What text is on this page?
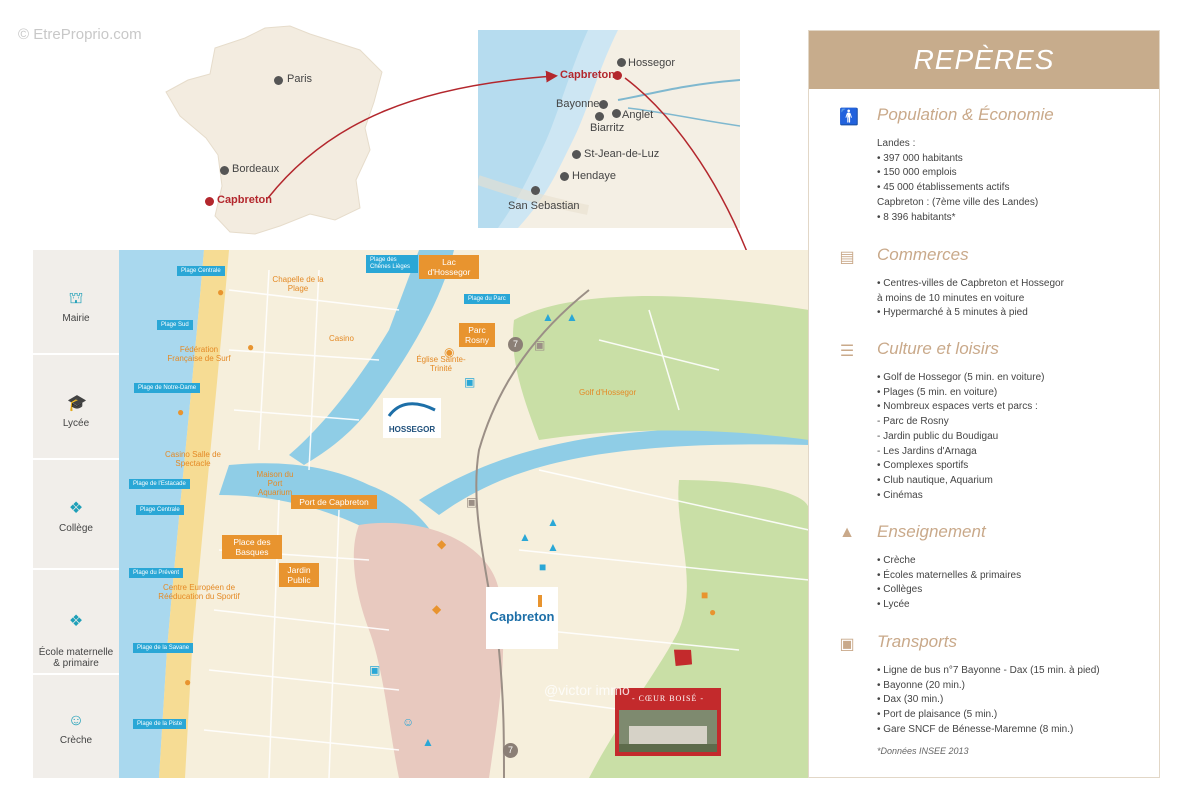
© EtreProprio.com
Paris
Bordeaux
Capbreton
Hossegor
Capbreton
Bayonne
Anglet
Biarritz
St-Jean-de-Luz
Hendaye
San Sebastian
⛫
Mairie
🎓
Lycée
❖
Collège

❖

École maternelle
& primaire

☺
Crèche
Plage Centrale
Plage Sud
Plage de Notre-Dame
Plage de l'Estacade
Plage Centrale
Plage du Prévent
Plage de la Savane
Plage de la Piste
Plage des Chênes Lièges
Plage du Parc
Lac d'Hossegor
Parc Rosny
Port de Capbreton
Place des Basques
Jardin Public
Chapelle de la Plage
Fédération Française de Surf
Casino
Église Sainte-Trinité
Golf d'Hossegor
Casino Salle de Spectacle
Maison du Port Aquarium
Centre Européen de Rééducation du Sportif
●
●
●
●
▲ ▲
▣
◉
▲
▲
▲
■
▣
☺
▲
■
●
◆
◆
▣
▣
7
7
HOSSEGOR
Capbreton
- CŒUR BOISÉ -
@victor immo
REPÈRES
🚹 Population & Économie
Landes :
• 397 000 habitants
• 150 000 emplois
• 45 000 établissements actifs
Capbreton : (7ème ville des Landes)
• 8 396 habitants*
▤ Commerces
• Centres-villes de Capbreton et Hossegor
à moins de 10 minutes en voiture
• Hypermarché à 5 minutes à pied
☰ Culture et loisirs
• Golf de Hossegor (5 min. en voiture)
• Plages (5 min. en voiture)
• Nombreux espaces verts et parcs :
- Parc de Rosny
- Jardin public du Boudigau
- Les Jardins d'Arnaga
• Complexes sportifs
• Club nautique, Aquarium
• Cinémas
▲ Enseignement
• Crèche
• Écoles maternelles & primaires
• Collèges
• Lycée
▣ Transports
• Ligne de bus n°7 Bayonne - Dax (15 min. à pied)
• Bayonne (20 min.)
• Dax (30 min.)
• Port de plaisance (5 min.)
• Gare SNCF de Bénesse-Maremne (8 min.)
*Données INSEE 2013
